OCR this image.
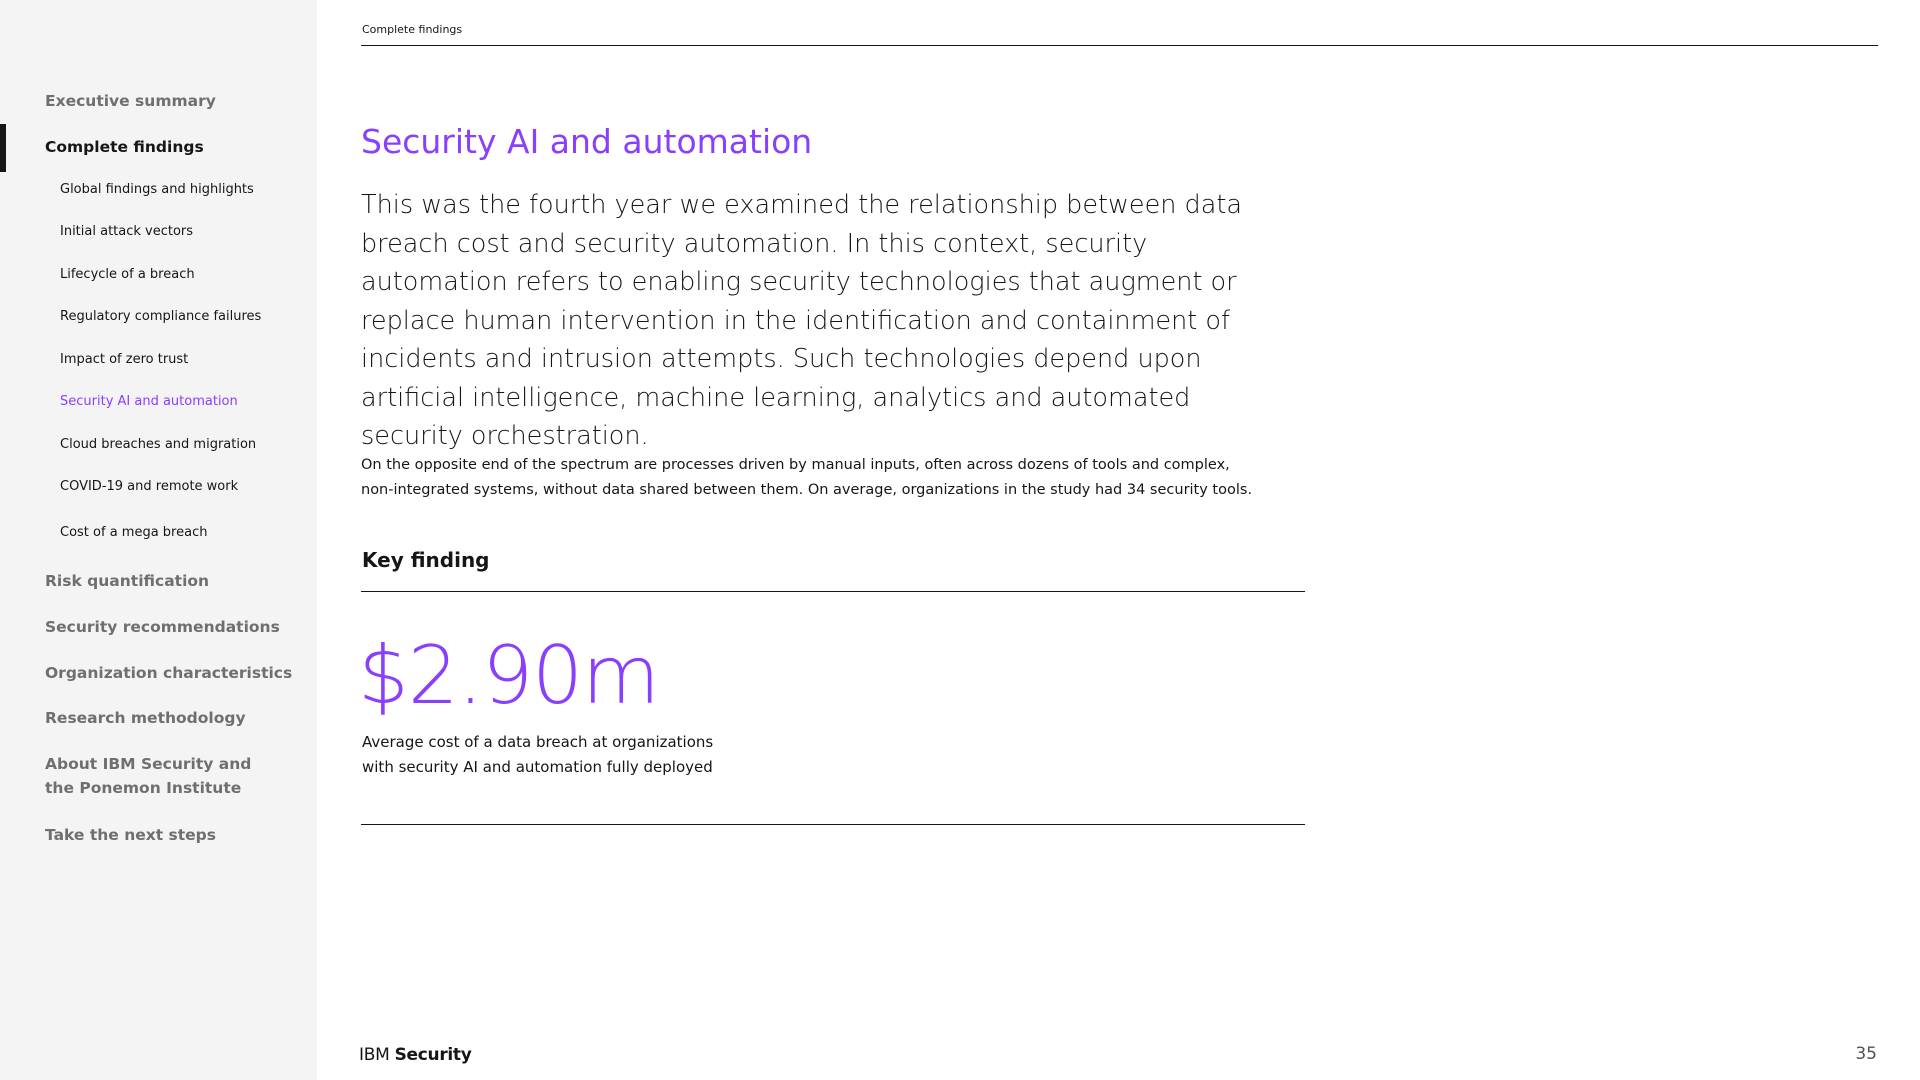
Executive summary
Complete findings
Global findings and highlights
Initial attack vectors
Lifecycle of a breach
Regulatory compliance failures
Impact of zero trust
Security AI and automation
Cloud breaches and migration
COVID-19 and remote work
Cost of a mega breach
Risk quantification
Security recommendations
Organization characteristics
Research methodology
About IBM Security and the Ponemon Institute
Take the next steps
Complete findings
Security AI and automation

This was the fourth year we examined the relationship between data breach cost and security automation. In this context, security automation refers to enabling security technologies that augment or replace human intervention in the identification and containment of incidents and intrusion attempts. Such technologies depend upon artificial intelligence, machine learning, analytics and automated security orchestration.

On the opposite end of the spectrum are processes driven by manual inputs, often across dozens of tools and complex, non-integrated systems, without data shared between them. On average, organizations in the study had 34 security tools.

Key finding
$2.90m
Average cost of a data breach at organizations with security AI and automation fully deployed
IBM Security	35
